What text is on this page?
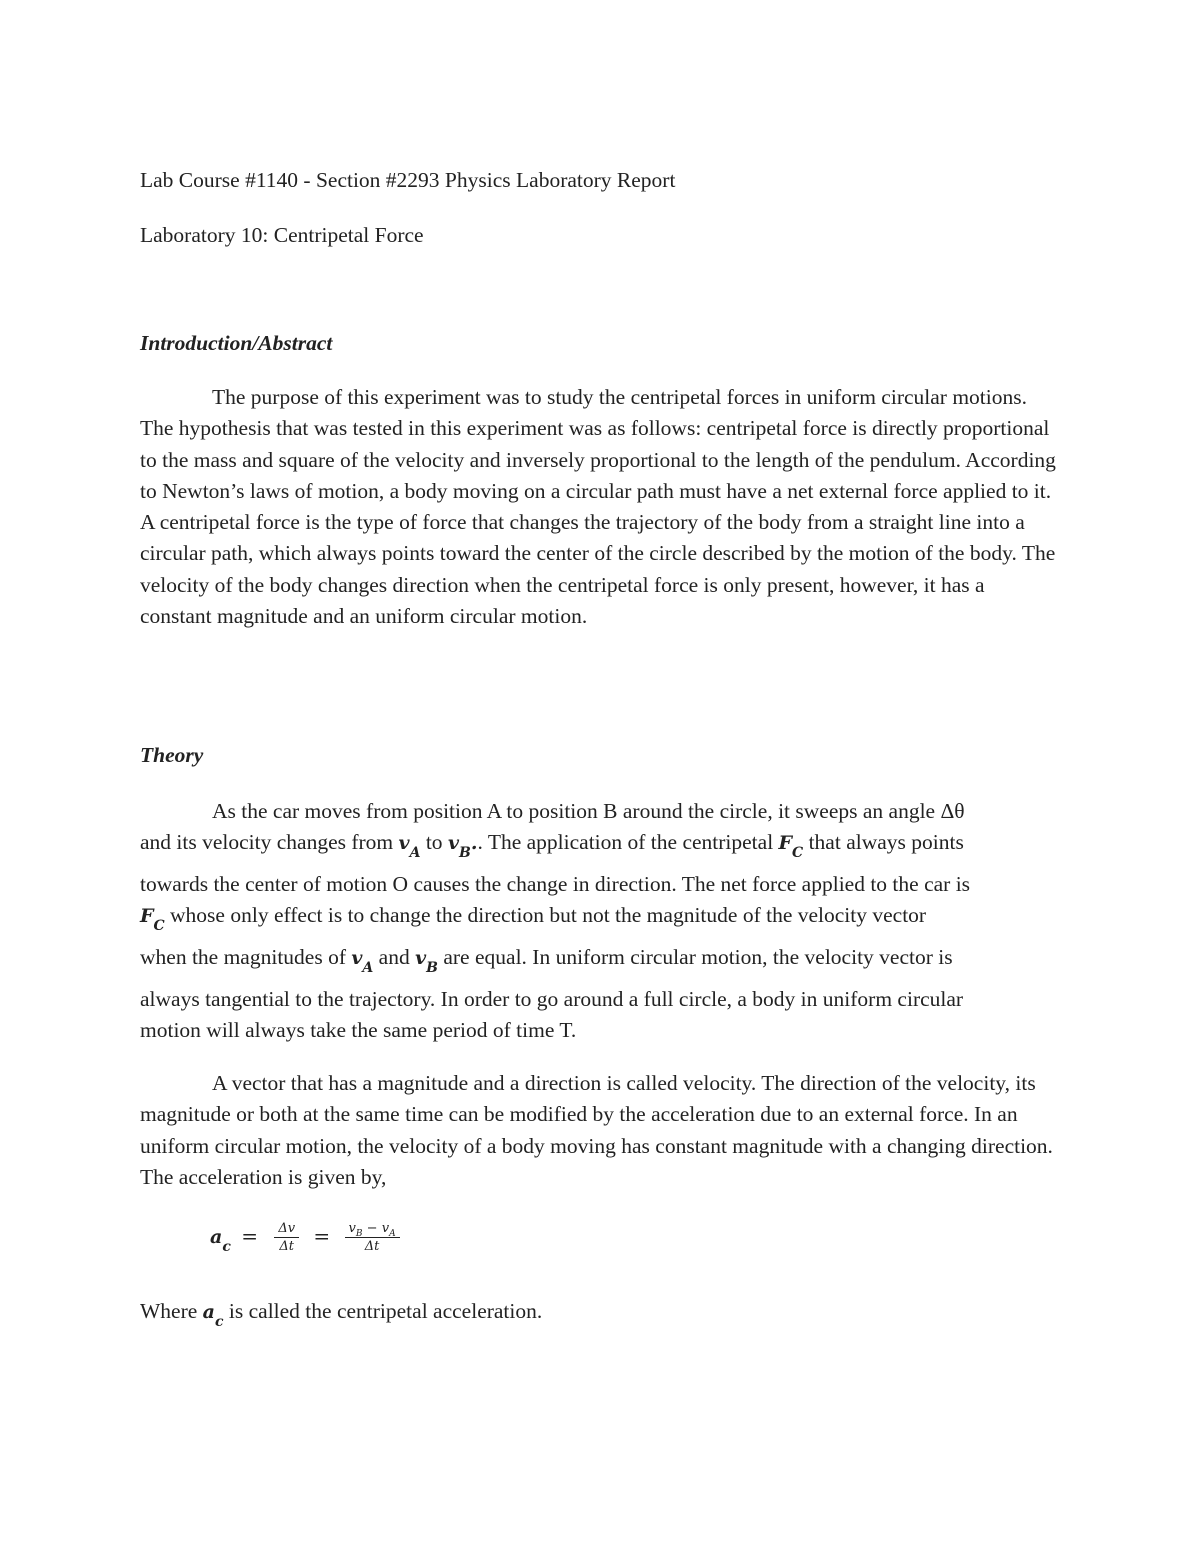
Lab Course #1140 - Section #2293 Physics Laboratory Report
Laboratory 10: Centripetal Force
Introduction/Abstract
The purpose of this experiment was to study the centripetal forces in uniform circular motions. The hypothesis that was tested in this experiment was as follows: centripetal force is directly proportional to the mass and square of the velocity and inversely proportional to the length of the pendulum. According to Newton’s laws of motion, a body moving on a circular path must have a net external force applied to it. A centripetal force is the type of force that changes the trajectory of the body from a straight line into a circular path, which always points toward the center of the circle described by the motion of the body. The velocity of the body changes direction when the centripetal force is only present, however, it has a constant magnitude and an uniform circular motion.
Theory
As the car moves from position A to position B around the circle, it sweeps an angle Δθ
and its velocity changes from 𝒗$_A$ to 𝒗$_B$.. The application of the centripetal 𝑭$_C$ that always points
towards the center of motion O causes the change in direction. The net force applied to the car is
𝑭$_C$ whose only effect is to change the direction but not the magnitude of the velocity vector
when the magnitudes of 𝒗$_A$ and 𝒗$_B$ are equal. In uniform circular motion, the velocity vector is
always tangential to the trajectory. In order to go around a full circle, a body in uniform circular
motion will always take the same period of time T.
A vector that has a magnitude and a direction is called velocity. The direction of the velocity, its magnitude or both at the same time can be modified by the acceleration due to an external force. In an uniform circular motion, the velocity of a body moving has constant magnitude with a changing direction. The acceleration is given by,
𝒂$_c$ = $\frac{\Delta v}{\Delta t} = \frac{v_B - v_A}{\Delta t}$
Where 𝒂$_c$ is called the centripetal acceleration.
